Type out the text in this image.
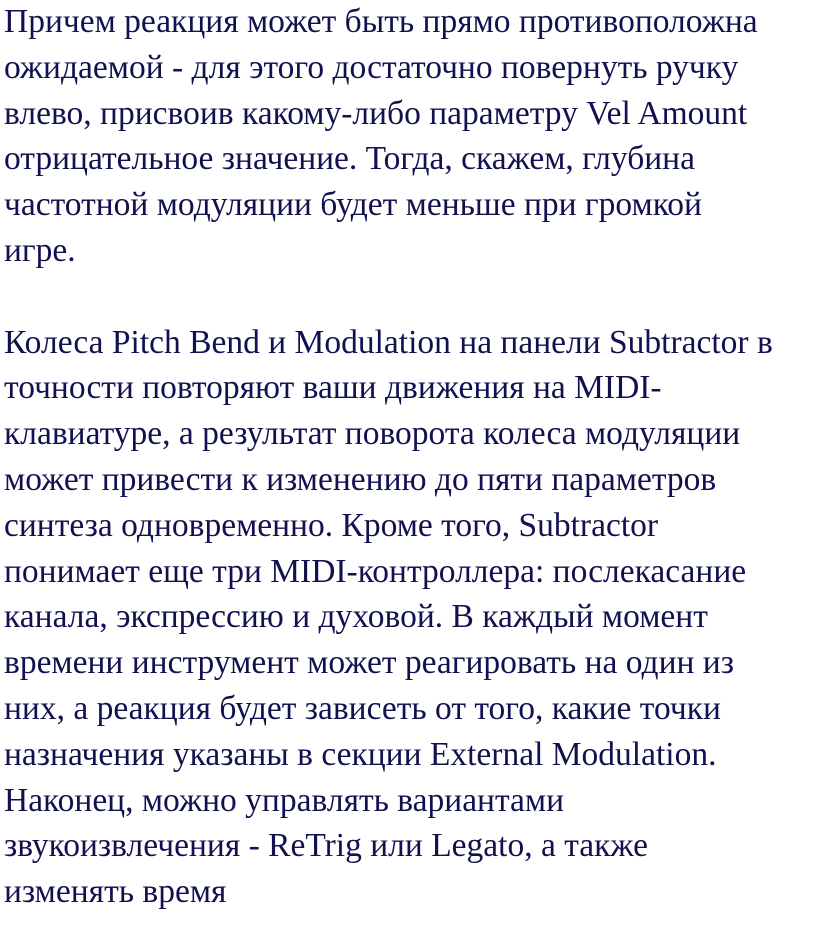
Причем реакция может быть прямо противоположна
ожидаемой - для этого достаточно повернуть ручку
влево, присвоив какому-либо параметру Vel Amount
отрицательное значение. Тогда, скажем, глубина
частотной модуляции будет меньше при громкой
игре.

Колеса Pitch Bend и Modulation на панели Subtractor в
точности повторяют ваши движения на MIDI-
клавиатуре, а результат поворота колеса модуляции
может привести к изменению до пяти параметров
синтеза одновременно. Кроме того, Subtractor
понимает еще три MIDI-контроллера: послекасание
канала, экспрессию и духовой. В каждый момент
времени инструмент может реагировать на один из
них, а реакция будет зависеть от того, какие точки
назначения указаны в секции External Modulation.
Наконец, можно управлять вариантами
звукоизвлечения - ReTrig или Legato, а также
изменять время
